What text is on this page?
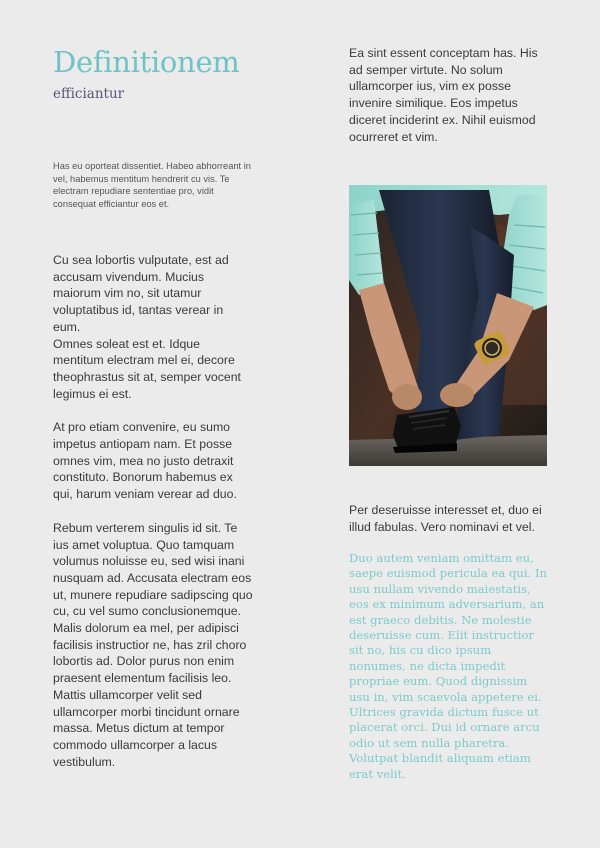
Definitionem
efficiantur

Has eu oporteat dissentiet. Habeo abhorreant in vel, habemus mentitum hendrerit cu vis. Te electram repudiare sententiae pro, vidit consequat efficiantur eos et.

Cu sea lobortis vulputate, est ad accusam vivendum. Mucius maiorum vim no, sit utamur voluptatibus id, tantas verear in eum.
Omnes soleat est et. Idque mentitum electram mel ei, decore theophrastus sit at, semper vocent legimus ei est.

At pro etiam convenire, eu sumo impetus antiopam nam. Et posse omnes vim, mea no justo detraxit constituto. Bonorum habemus ex qui, harum veniam verear ad duo.

Rebum verterem singulis id sit. Te ius amet voluptua. Quo tamquam volumus noluisse eu, sed wisi inani nusquam ad. Accusata electram eos ut, munere repudiare sadipscing quo cu, cu vel sumo conclusionemque. Malis dolorum ea mel, per adipisci facilisis instructior ne, has zril choro lobortis ad. Dolor purus non enim praesent elementum facilisis leo. Mattis ullamcorper velit sed ullamcorper morbi tincidunt ornare massa. Metus dictum at tempor commodo ullamcorper a lacus vestibulum.

Ea sint essent conceptam has. His ad semper virtute. No solum ullamcorper ius, vim ex posse invenire similique. Eos impetus diceret inciderint ex. Nihil euismod ocurreret et vim.

Per deseruisse interesset et, duo ei illud fabulas. Vero nominavi et vel.

Duo autem veniam omittam eu, saepe euismod pericula ea qui. In usu nullam vivendo maiestatis, eos ex minimum adversarium, an est graeco debitis. Ne molestie deseruisse cum. Elit instructior sit no, his cu dico ipsum nonumes, ne dicta impedit propriae eum. Quod dignissim usu in, vim scaevola appetere ei. Ultrices gravida dictum fusce ut placerat orci. Dui id ornare arcu odio ut sem nulla pharetra. Volutpat blandit aliquam etiam erat velit.
